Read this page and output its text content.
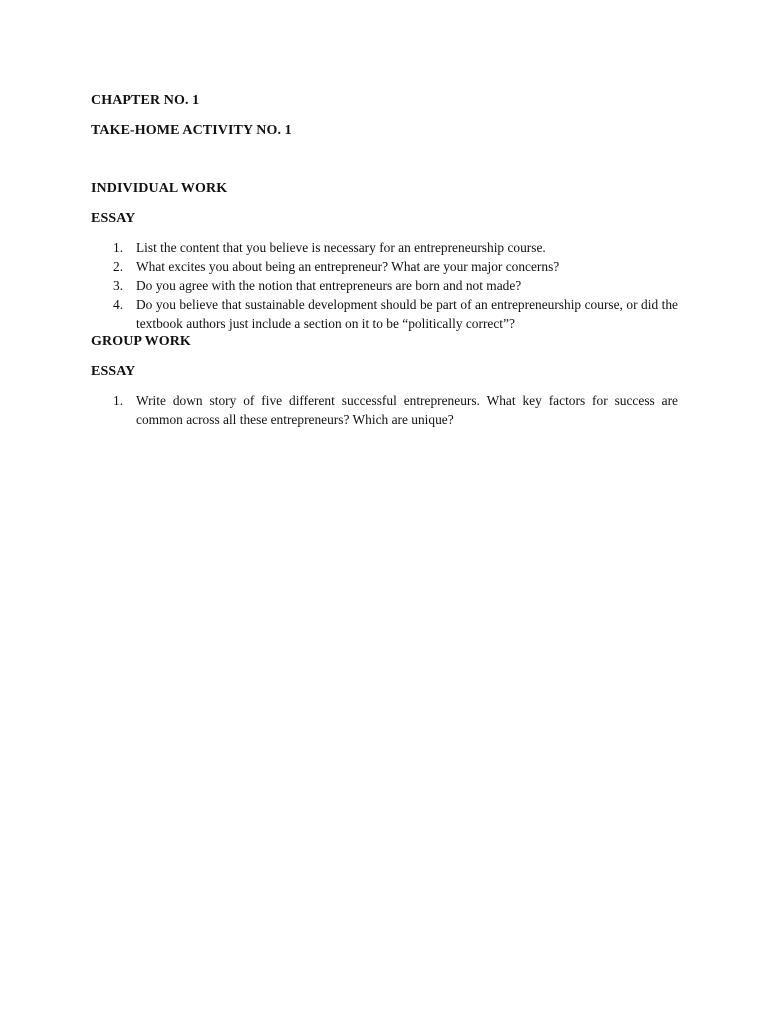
CHAPTER NO. 1

TAKE-HOME ACTIVITY NO. 1

INDIVIDUAL WORK

ESSAY

1. List the content that you believe is necessary for an entrepreneurship course.
2. What excites you about being an entrepreneur? What are your major concerns?
3. Do you agree with the notion that entrepreneurs are born and not made?
4. Do you believe that sustainable development should be part of an entrepreneurship course, or did the textbook authors just include a section on it to be “politically correct”?

GROUP WORK

ESSAY

1. Write down story of five different successful entrepreneurs. What key factors for success are common across all these entrepreneurs? Which are unique?
